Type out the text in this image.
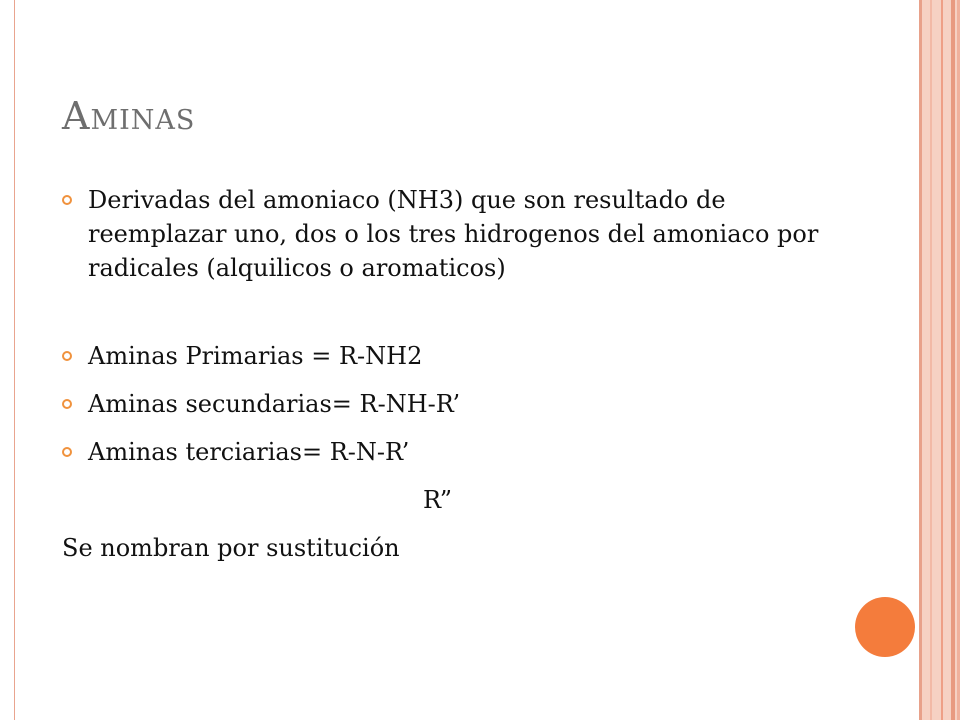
Aminas
Derivadas del amoniaco (NH3) que son resultado de reemplazar uno, dos o los tres hidrogenos del amoniaco por radicales (alquilicos o aromaticos)
Aminas Primarias = R-NH2
Aminas secundarias= R-NH-R’
Aminas terciarias= R-N-R’
R”
Se nombran por sustitución
